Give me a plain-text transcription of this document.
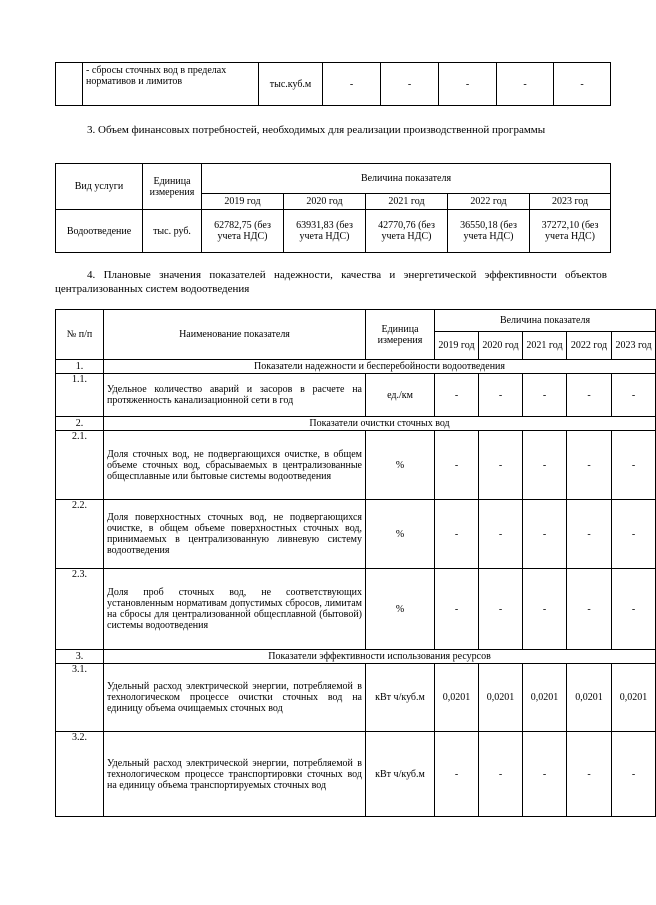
	- сбросы сточных вод в пределах нормативов и лимитов	тыс.куб.м	-	-	-	-	-
3. Объем финансовых потребностей, необходимых для реализации производственной программы
Вид услуги	Единица измерения	Величина показателя				
		2019 год	2020 год	2021 год	2022 год	2023 год
Водоотведение	тыс. руб.	62782,75 (без учета НДС)	63931,83 (без учета НДС)	42770,76 (без учета НДС)	36550,18 (без учета НДС)	37272,10 (без учета НДС)
4. Плановые значения показателей надежности, качества и энергетической эффективности объектов централизованных систем водоотведения
№ п/п	Наименование показателя	Единица измерения	Величина показателя				
			2019 год	2020 год	2021 год	2022 год	2023 год
1.	Показатели надежности и бесперебойности водоотведения						
1.1.	Удельное количество аварий и засоров в расчете на протяженность канализационной сети в год	ед./км	-	-	-	-	-
2.	Показатели очистки сточных вод						
2.1.	Доля сточных вод, не подвергающихся очистке, в общем объеме сточных вод, сбрасываемых в централизованные общесплавные или бытовые системы водоотведения	%	-	-	-	-	-
2.2.	Доля поверхностных сточных вод, не подвергающихся очистке, в общем объеме поверхностных сточных вод, принимаемых в централизованную ливневую систему водоотведения	%	-	-	-	-	-
2.3.	Доля проб сточных вод, не соответствующих установленным нормативам допустимых сбросов, лимитам на сбросы для централизованной общесплавной (бытовой) системы водоотведения	%	-	-	-	-	-
3.	Показатели эффективности использования ресурсов						
3.1.	Удельный расход электрической энергии, потребляемой в технологическом процессе очистки сточных вод на единицу объема очищаемых сточных вод	кВт ч/куб.м	0,0201	0,0201	0,0201	0,0201	0,0201
3.2.	Удельный расход электрической энергии, потребляемой в технологическом процессе транспортировки сточных вод на единицу объема транспортируемых сточных вод	кВт ч/куб.м	-	-	-	-	-
